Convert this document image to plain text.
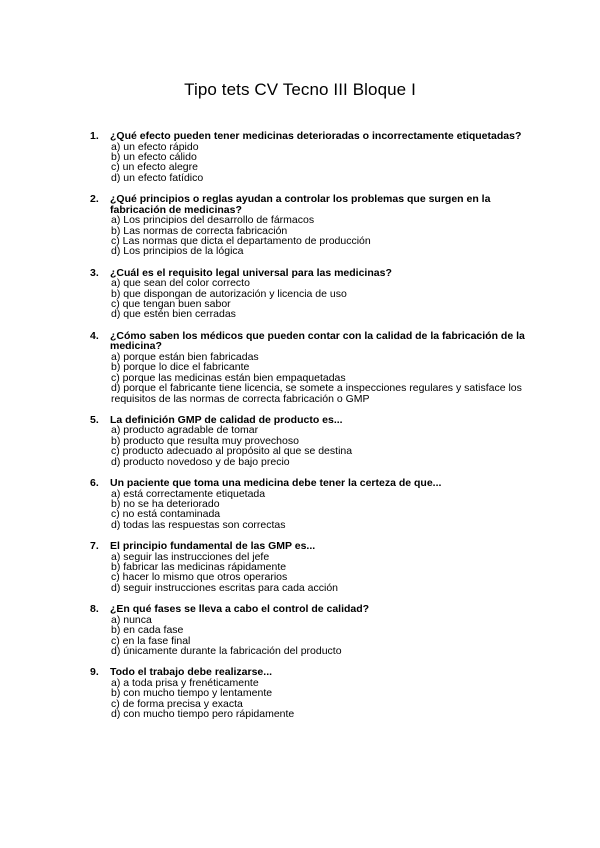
Tipo tets CV Tecno III Bloque I
1. ¿Qué efecto pueden tener medicinas deterioradas o incorrectamente etiquetadas?
a) un efecto rápido
b) un efecto cálido
c) un efecto alegre
d) un efecto fatídico
2. ¿Qué principios o reglas ayudan a controlar los problemas que surgen en la fabricación de medicinas?
a) Los principios del desarrollo de fármacos
b) Las normas de correcta fabricación
c) Las normas que dicta el departamento de producción
d) Los principios de la lógica
3. ¿Cuál es el requisito legal universal para las medicinas?
a) que sean del color correcto
b) que dispongan de autorización y licencia de uso
c) que tengan buen sabor
d) que estén bien cerradas
4. ¿Cómo saben los médicos que pueden contar con la calidad de la fabricación de la medicina?
a) porque están bien fabricadas
b) porque lo dice el fabricante
c) porque las medicinas están bien empaquetadas
d) porque el fabricante tiene licencia, se somete a inspecciones regulares y satisface los requisitos de las normas de correcta fabricación o GMP
5. La definición GMP de calidad de producto es...
a) producto agradable de tomar
b) producto que resulta muy provechoso
c) producto adecuado al propósito al que se destina
d) producto novedoso y de bajo precio
6. Un paciente que toma una medicina debe tener la certeza de que...
a) está correctamente etiquetada
b) no se ha deteriorado
c) no está contaminada
d) todas las respuestas son correctas
7. El principio fundamental de las GMP es...
a) seguir las instrucciones del jefe
b) fabricar las medicinas rápidamente
c) hacer lo mismo que otros operarios
d) seguir instrucciones escritas para cada acción
8. ¿En qué fases se lleva a cabo el control de calidad?
a) nunca
b) en cada fase
c) en la fase final
d) únicamente durante la fabricación del producto
9. Todo el trabajo debe realizarse...
a) a toda prisa y frenéticamente
b) con mucho tiempo y lentamente
c) de forma precisa y exacta
d) con mucho tiempo pero rápidamente
